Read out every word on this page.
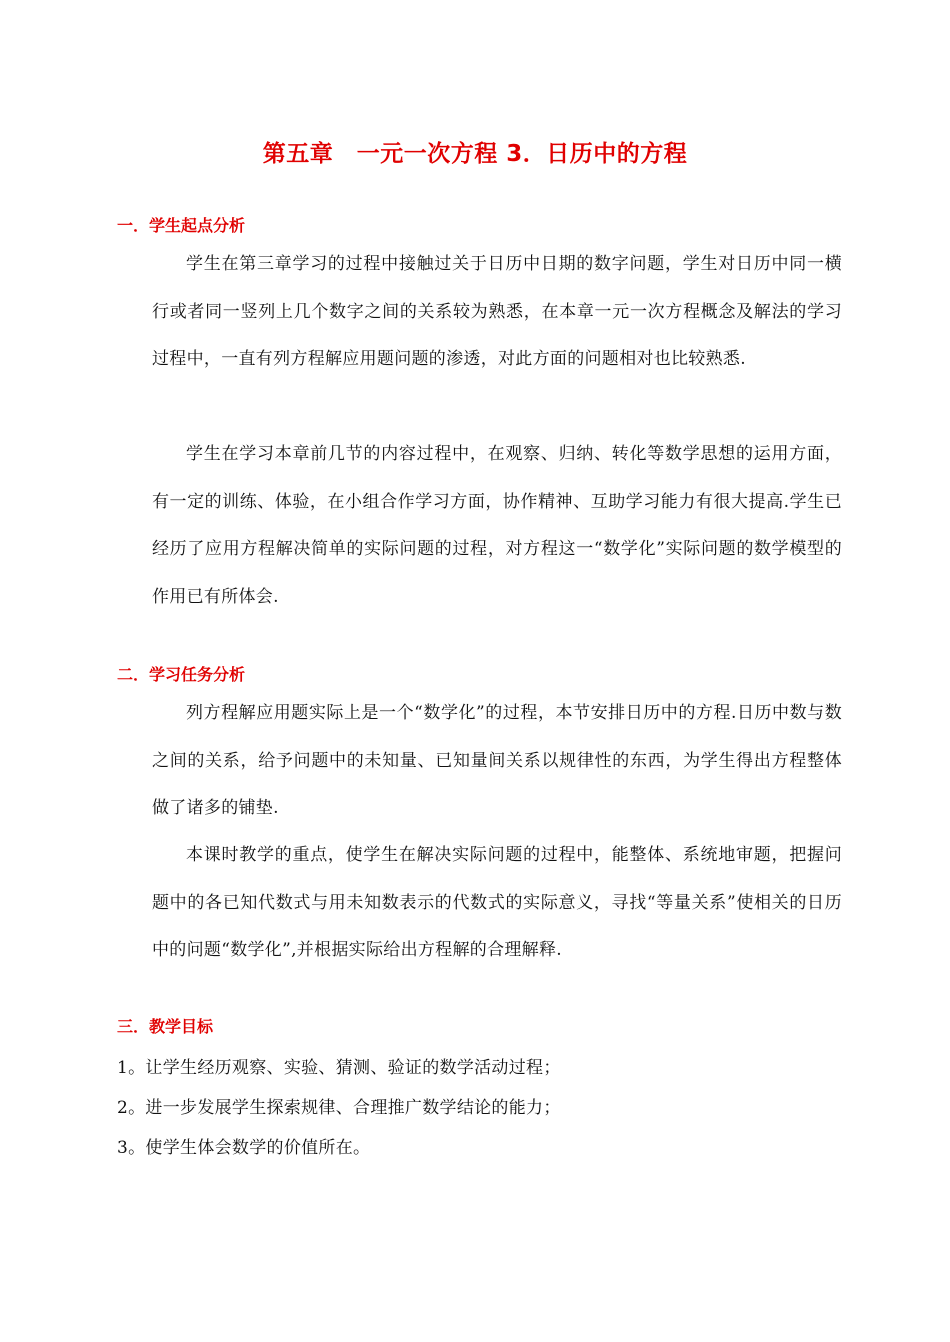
第五章　一元一次方程 3．日历中的方程
一．学生起点分析

学生在第三章学习的过程中接触过关于日历中日期的数字问题，学生对日历中同一横行或者同一竖列上几个数字之间的关系较为熟悉，在本章一元一次方程概念及解法的学习过程中，一直有列方程解应用题问题的渗透，对此方面的问题相对也比较熟悉.

学生在学习本章前几节的内容过程中，在观察、归纳、转化等数学思想的运用方面，有一定的训练、体验，在小组合作学习方面，协作精神、互助学习能力有很大提高.学生已经历了应用方程解决简单的实际问题的过程，对方程这一“数学化”实际问题的数学模型的作用已有所体会.

二．学习任务分析

列方程解应用题实际上是一个“数学化”的过程，本节安排日历中的方程.日历中数与数之间的关系，给予问题中的未知量、已知量间关系以规律性的东西，为学生得出方程整体做了诸多的铺垫.

本课时教学的重点，使学生在解决实际问题的过程中，能整体、系统地审题，把握问题中的各已知代数式与用未知数表示的代数式的实际意义，寻找“等量关系”使相关的日历中的问题“数学化”,并根据实际给出方程解的合理解释.

三．教学目标
1。让学生经历观察、实验、猜测、验证的数学活动过程；
2。进一步发展学生探索规律、合理推广数学结论的能力；
3。使学生体会数学的价值所在。
